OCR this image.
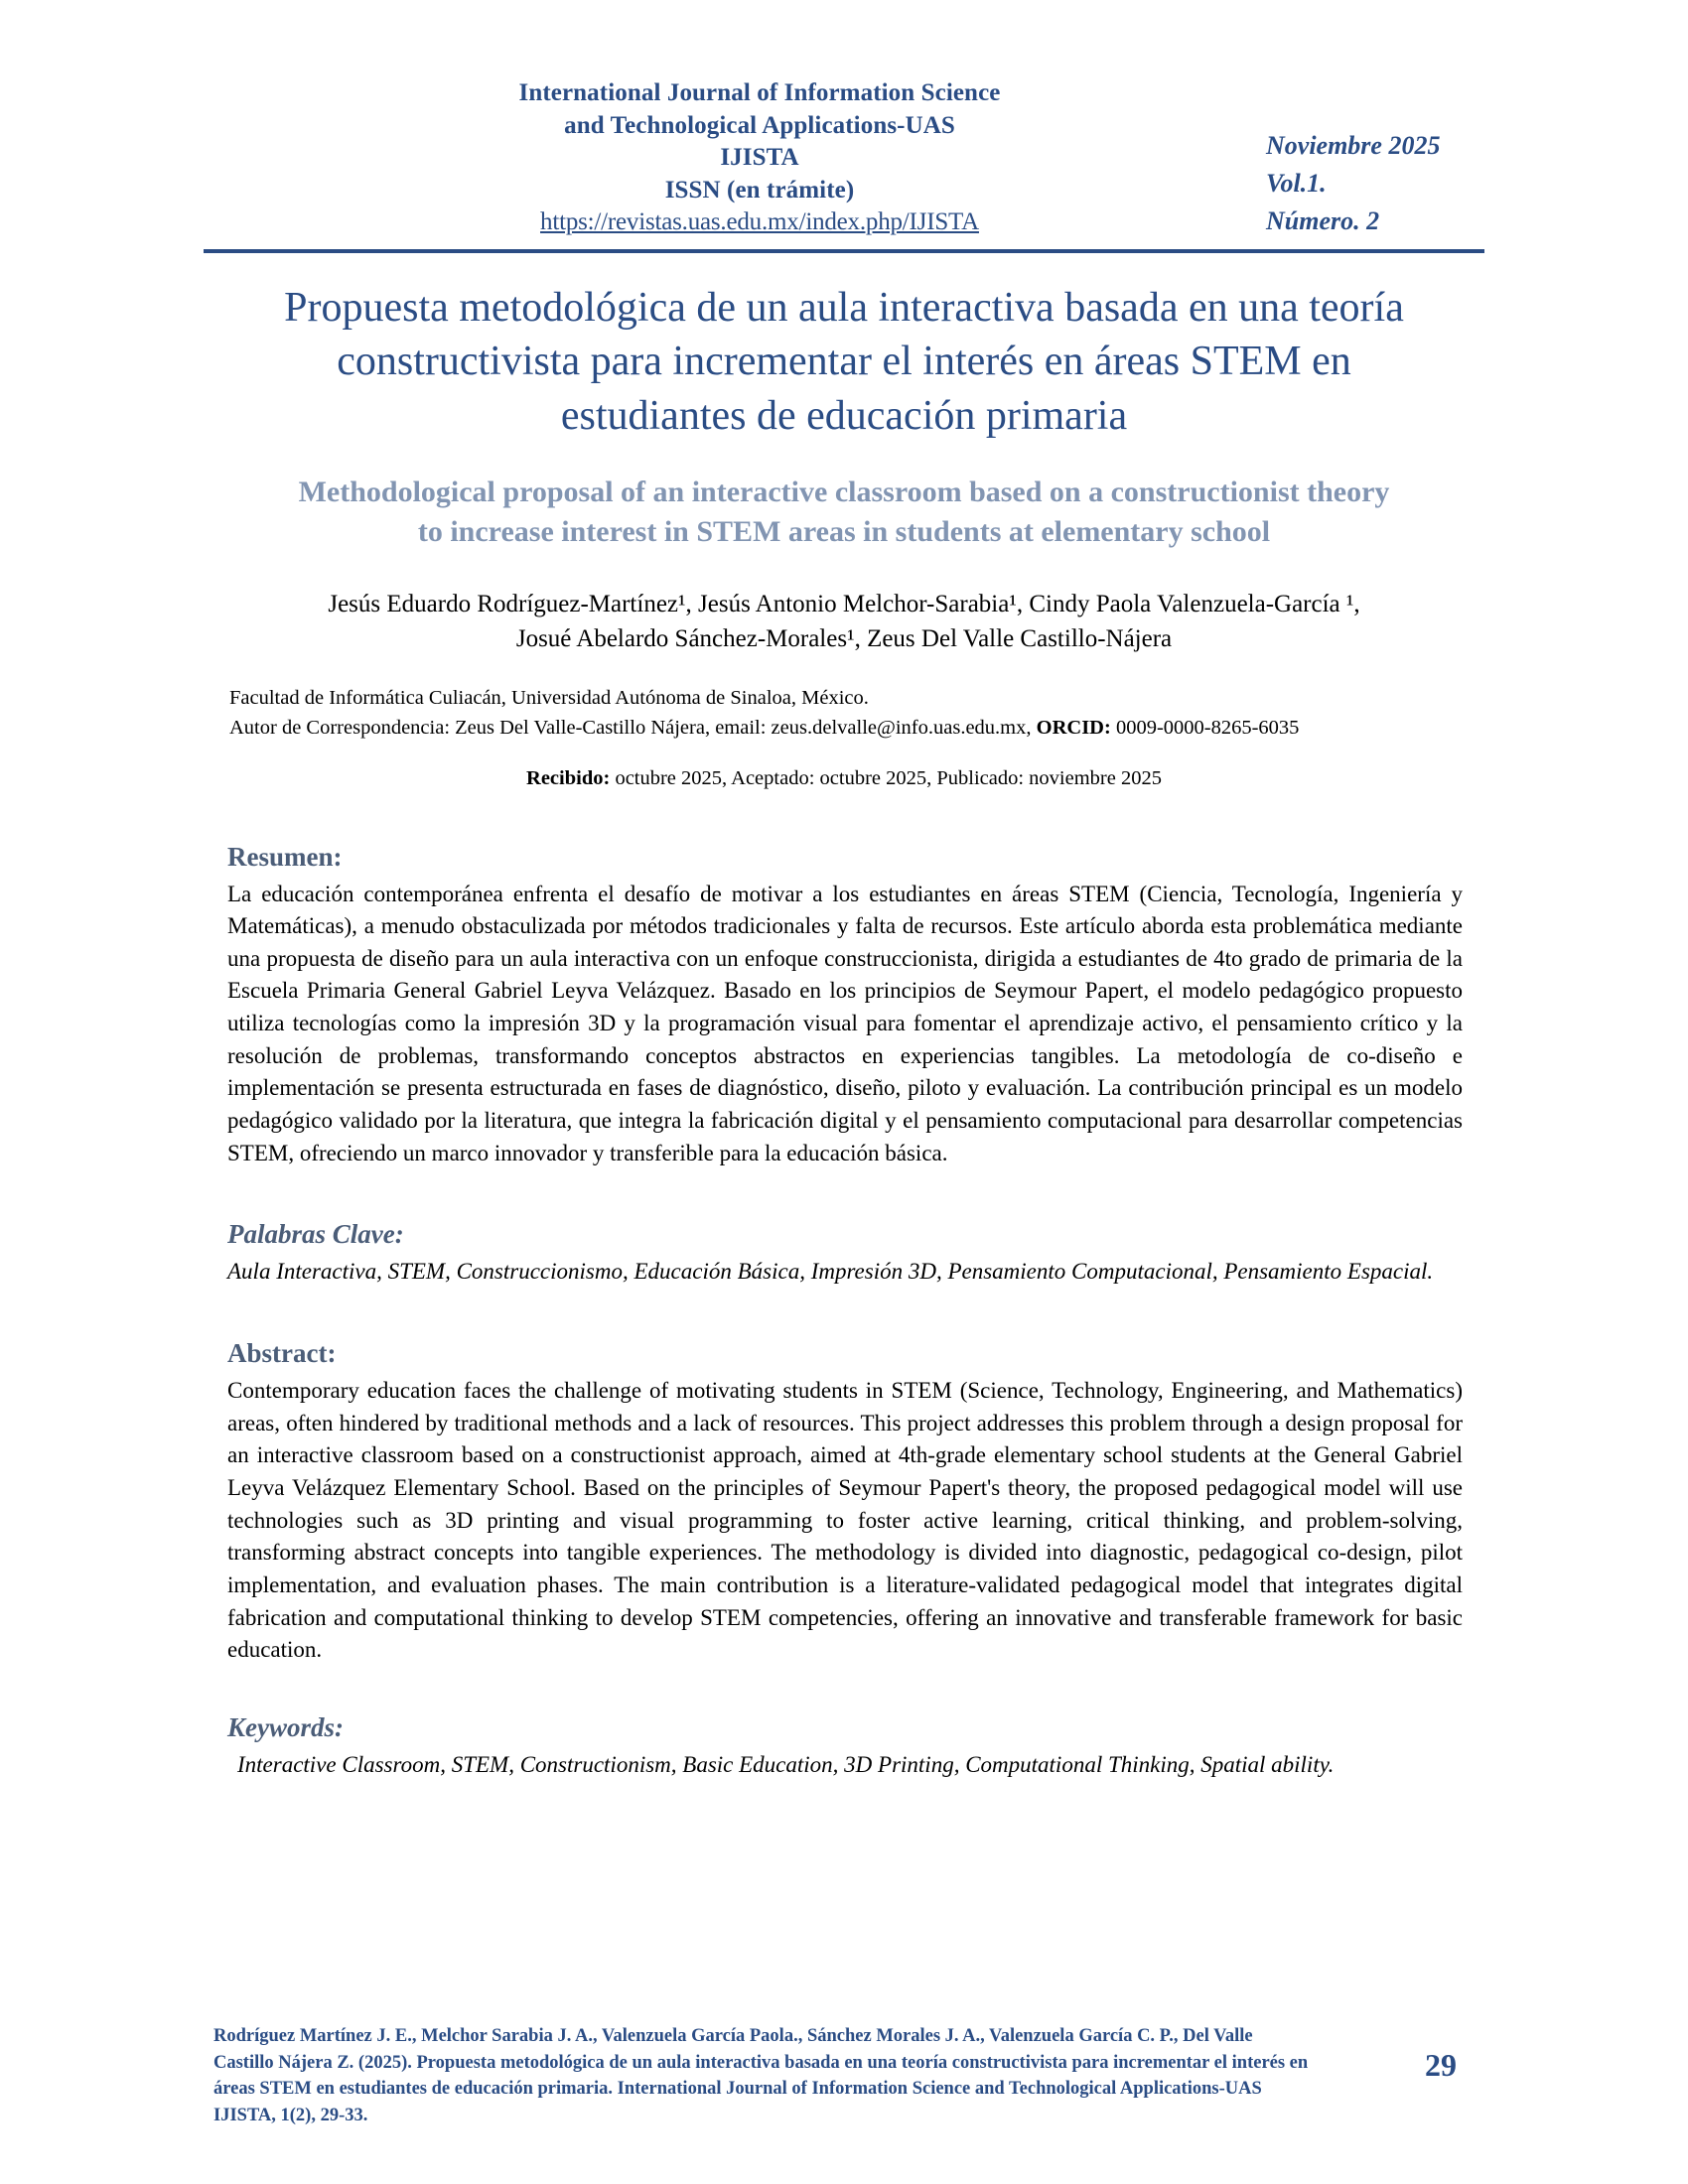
International Journal of Information Science
and Technological Applications-UAS
IJISTA
ISSN (en trámite)
https://revistas.uas.edu.mx/index.php/IJISTA
Noviembre 2025
Vol.1.
Número. 2
Propuesta metodológica de un aula interactiva basada en una teoría constructivista para incrementar el interés en áreas STEM en estudiantes de educación primaria
Methodological proposal of an interactive classroom based on a constructionist theory to increase interest in STEM areas in students at elementary school
Jesús Eduardo Rodríguez-Martínez¹, Jesús Antonio Melchor-Sarabia¹, Cindy Paola Valenzuela-García ¹,
Josué Abelardo Sánchez-Morales¹, Zeus Del Valle Castillo-Nájera
Facultad de Informática Culiacán, Universidad Autónoma de Sinaloa, México.
Autor de Correspondencia: Zeus Del Valle-Castillo Nájera, email: zeus.delvalle@info.uas.edu.mx, ORCID: 0009-0000-8265-6035
Recibido: octubre 2025, Aceptado: octubre 2025, Publicado: noviembre 2025
Resumen:
La educación contemporánea enfrenta el desafío de motivar a los estudiantes en áreas STEM (Ciencia, Tecnología, Ingeniería y Matemáticas), a menudo obstaculizada por métodos tradicionales y falta de recursos. Este artículo aborda esta problemática mediante una propuesta de diseño para un aula interactiva con un enfoque construccionista, dirigida a estudiantes de 4to grado de primaria de la Escuela Primaria General Gabriel Leyva Velázquez. Basado en los principios de Seymour Papert, el modelo pedagógico propuesto utiliza tecnologías como la impresión 3D y la programación visual para fomentar el aprendizaje activo, el pensamiento crítico y la resolución de problemas, transformando conceptos abstractos en experiencias tangibles. La metodología de co-diseño e implementación se presenta estructurada en fases de diagnóstico, diseño, piloto y evaluación. La contribución principal es un modelo pedagógico validado por la literatura, que integra la fabricación digital y el pensamiento computacional para desarrollar competencias STEM, ofreciendo un marco innovador y transferible para la educación básica.
Palabras Clave:
Aula Interactiva, STEM, Construccionismo, Educación Básica, Impresión 3D, Pensamiento Computacional, Pensamiento Espacial.
Abstract:
Contemporary education faces the challenge of motivating students in STEM (Science, Technology, Engineering, and Mathematics) areas, often hindered by traditional methods and a lack of resources. This project addresses this problem through a design proposal for an interactive classroom based on a constructionist approach, aimed at 4th-grade elementary school students at the General Gabriel Leyva Velázquez Elementary School. Based on the principles of Seymour Papert's theory, the proposed pedagogical model will use technologies such as 3D printing and visual programming to foster active learning, critical thinking, and problem-solving, transforming abstract concepts into tangible experiences. The methodology is divided into diagnostic, pedagogical co-design, pilot implementation, and evaluation phases. The main contribution is a literature-validated pedagogical model that integrates digital fabrication and computational thinking to develop STEM competencies, offering an innovative and transferable framework for basic education.
Keywords:
Interactive Classroom, STEM, Constructionism, Basic Education, 3D Printing, Computational Thinking, Spatial ability.
Rodríguez Martínez J. E., Melchor Sarabia J. A., Valenzuela García Paola., Sánchez Morales J. A., Valenzuela García C. P., Del Valle Castillo Nájera Z. (2025). Propuesta metodológica de un aula interactiva basada en una teoría constructivista para incrementar el interés en áreas STEM en estudiantes de educación primaria. International Journal of Information Science and Technological Applications-UAS IJISTA, 1(2), 29-33.
29
